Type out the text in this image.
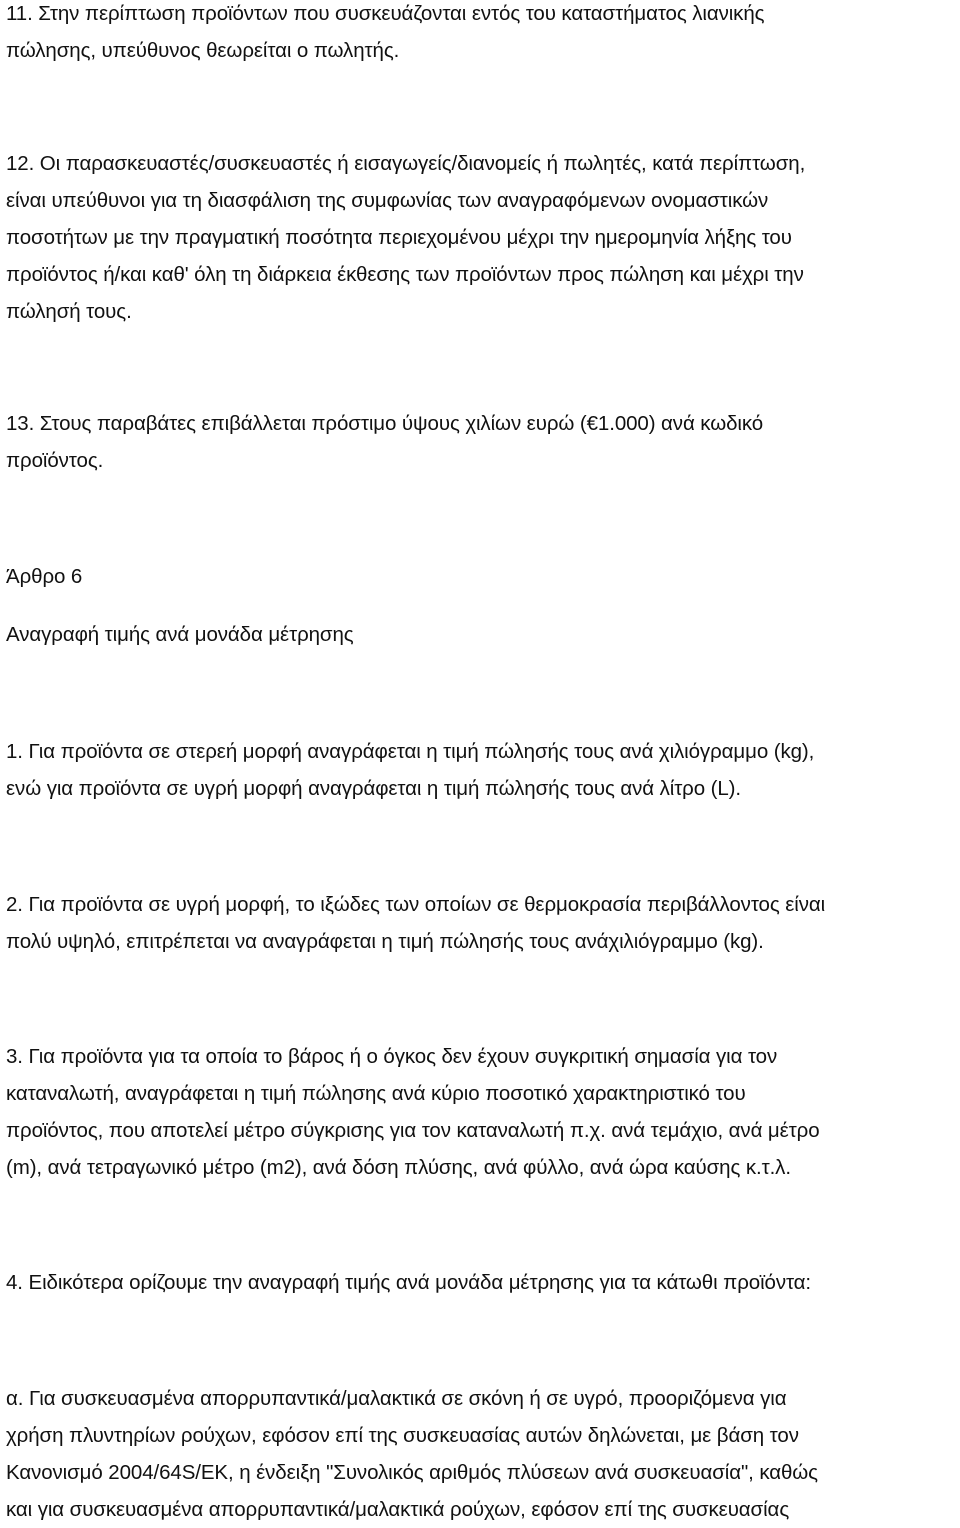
11. Στην περίπτωση προϊόντων που συσκευάζονται εντός του καταστήματος λιανικής
πώλησης, υπεύθυνος θεωρείται ο πωλητής.

12. Οι παρασκευαστές/συσκευαστές ή εισαγωγείς/διανομείς ή πωλητές, κατά περίπτωση,
είναι υπεύθυνοι για τη διασφάλιση της συμφωνίας των αναγραφόμενων ονομαστικών
ποσοτήτων με την πραγματική ποσότητα περιεχομένου μέχρι την ημερομηνία λήξης του
προϊόντος ή/και καθ' όλη τη διάρκεια έκθεσης των προϊόντων προς πώληση και μέχρι την
πώλησή τους.

13. Στους παραβάτες επιβάλλεται πρόστιμο ύψους χιλίων ευρώ (€1.000) ανά κωδικό
προϊόντος.

Άρθρο 6

Αναγραφή τιμής ανά μονάδα μέτρησης

1. Για προϊόντα σε στερεή μορφή αναγράφεται η τιμή πώλησής τους ανά χιλιόγραμμο (kg),
ενώ για προϊόντα σε υγρή μορφή αναγράφεται η τιμή πώλησής τους ανά λίτρο (L).

2. Για προϊόντα σε υγρή μορφή, το ιξώδες των οποίων σε θερμοκρασία περιβάλλοντος είναι
πολύ υψηλό, επιτρέπεται να αναγράφεται η τιμή πώλησής τους ανάχιλιόγραμμο (kg).

3. Για προϊόντα για τα οποία το βάρος ή ο όγκος δεν έχουν συγκριτική σημασία για τον
καταναλωτή, αναγράφεται η τιμή πώλησης ανά κύριο ποσοτικό χαρακτηριστικό του
προϊόντος, που αποτελεί μέτρο σύγκρισης για τον καταναλωτή π.χ. ανά τεμάχιο, ανά μέτρο
(m), ανά τετραγωνικό μέτρο (m2), ανά δόση πλύσης, ανά φύλλο, ανά ώρα καύσης κ.τ.λ.

4. Ειδικότερα ορίζουμε την αναγραφή τιμής ανά μονάδα μέτρησης για τα κάτωθι προϊόντα:

α. Για συσκευασμένα απορρυπαντικά/μαλακτικά σε σκόνη ή σε υγρό, προοριζόμενα για
χρήση πλυντηρίων ρούχων, εφόσον επί της συσκευασίας αυτών δηλώνεται, με βάση τον
Κανονισμό 2004/64S/EK, η ένδειξη "Συνολικός αριθμός πλύσεων ανά συσκευασία", καθώς
και για συσκευασμένα απορρυπαντικά/μαλακτικά ρούχων, εφόσον επί της συσκευασίας
